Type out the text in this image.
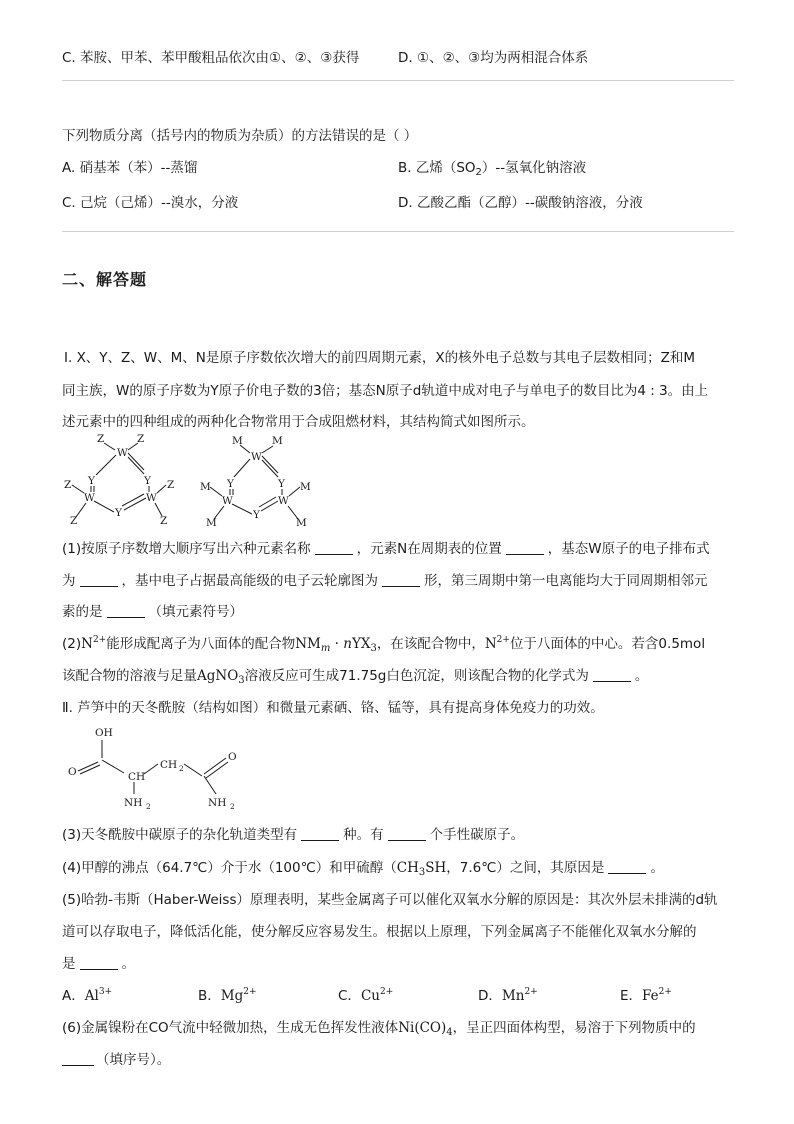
C. 苯胺、甲苯、苯甲酸粗品依次由①、②、③获得	D. ①、②、③均为两相混合体系
下列物质分离（括号内的物质为杂质）的方法错误的是（ ）
A. 硝基苯（苯）--蒸馏	B. 乙烯$(SO_2)--$氢氧化钠溶液
C. 己烷（己烯）--溴水，分液	D. 乙酸乙酯（乙醇）--碳酸钠溶液，分液
二、解答题
Ⅰ. X、Y、Z、W、M、N是原子序数依次增大的前四周期元素，X的核外电子总数与其电子层数相同；Z和M
同主族，W的原子序数为Y原子价电子数的3倍；基态N原子d轨道中成对电子与单电子的数目比为4 : 3。由上
述元素中的四种组成的两种化合物常用于合成阻燃材料，其结构简式如图所示。
W
Y	Y
W	W
Y
Z	Z
Z
Z
Z
Z
W
Y	Y
W	W
Y
M	M
M
M
M
M
(1)按原子序数增大顺序写出六种元素名称	，元素N在周期表的位置	，基态W原子的电子排布式
为	，基中电子占据最高能级的电子云轮廓图为	形，第三周期中第一电离能均大于同周期相邻元
素的是	（填元素符号）
$(2)N^{2+}$能形成配离子为八面体的配合物$NM_m \cdot nYX_3$，在该配合物中，$N^{2+}$位于八面体的中心。若含0.5mol
该配合物的溶液与足量AgNO$_3$溶液反应可生成71.75g白色沉淀，则该配合物的化学式为	。
Ⅱ. 芦笋中的天冬酰胺（结构如图）和微量元素硒、铬、锰等，具有提高身体免疫力的功效。
OH
O	CH
CH 2
O
NH 2	NH 2
(3)天冬酰胺中碳原子的杂化轨道类型有	种。有	个手性碳原子。
(4)甲醇的沸点（64.7℃）介于水（100℃）和甲硫醇（$CH_3SH$，7.6℃）之间，其原因是	。
(5)哈勃-韦斯（Haber-Weiss）原理表明，某些金属离子可以催化双氧水分解的原因是：其次外层未排满的d轨
道可以存取电子，降低活化能，使分解反应容易发生。根据以上原理，下列金属离子不能催化双氧水分解的
是	。
A．$Al^{3+}$	B．$Mg^{2+}$	C．$Cu^{2+}$	D．$Mn^{2+}$	E．$Fe^{2+}$
(6)金属镍粉在CO气流中轻微加热，生成无色挥发性液体$Ni(CO)_4$，呈正四面体构型，易溶于下列物质中的
（填序号）。
